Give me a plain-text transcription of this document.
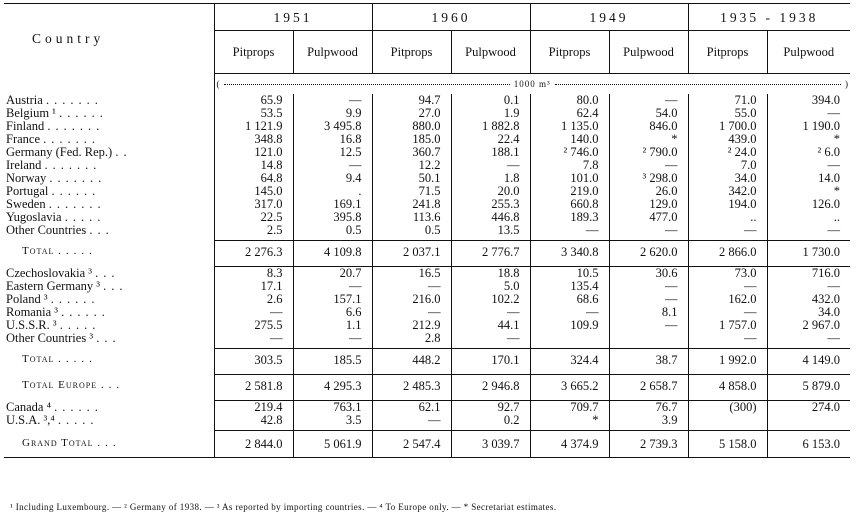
Country	1951		1960		1949		1935 - 1938	
	Pitprops	Pulpwood	Pitprops	Pulpwood	Pitprops	Pulpwood	Pitprops	Pulpwood

	( 1000 m³ )							

Austria .......	65.9	—	94.7	0.1	80.0	—	71.0	394.0
Belgium ¹ ......	53.5	9.9	27.0	1.9	62.4	54.0	55.0	—
Finland .......	1 121.9	3 495.8	880.0	1 882.8	1 135.0	846.0	1 700.0	1 190.0
France .......	348.8	16.8	185.0	22.4	140.0	*	439.0	*
Germany (Fed. Rep.) ..	121.0	12.5	360.7	188.1	² 746.0	² 790.0	² 24.0	² 6.0
Ireland .......	14.8	—	12.2	—	7.8	—	7.0	—
Norway .......	64.8	9.4	50.1	1.8	101.0	³ 298.0	34.0	14.0
Portugal ......	145.0	.	71.5	20.0	219.0	26.0	342.0	*
Sweden .......	317.0	169.1	241.8	255.3	660.8	129.0	194.0	126.0
Yugoslavia .....	22.5	395.8	113.6	446.8	189.3	477.0	..	..
Other Countries ...	2.5	0.5	0.5	13.5	—	—	—	—

Total .....	2 276.3	4 109.8	2 037.1	2 776.7	3 340.8	2 620.0	2 866.0	1 730.0

Czechoslovakia ³ ...	8.3	20.7	16.5	18.8	10.5	30.6	73.0	716.0
Eastern Germany ³ ...	17.1	—	—	5.0	135.4	—	—	—
Poland ³ ......	2.6	157.1	216.0	102.2	68.6	—	162.0	432.0
Romania ³ ......	—	6.6	—	—	—	8.1	—	34.0
U.S.S.R. ³ .....	275.5	1.1	212.9	44.1	109.9	—	1 757.0	2 967.0
Other Countries ³ ...	—	—	2.8	—			—	—

Total .....	303.5	185.5	448.2	170.1	324.4	38.7	1 992.0	4 149.0

Total Europe ...	2 581.8	4 295.3	2 485.3	2 946.8	3 665.2	2 658.7	4 858.0	5 879.0

Canada ⁴ ......	219.4	763.1	62.1	92.7	709.7	76.7	(300)	274.0
U.S.A. ³,⁴ .....	42.8	3.5	—	0.2	*	3.9		

Grand Total ...	2 844.0	5 061.9	2 547.4	3 039.7	4 374.9	2 739.3	5 158.0	6 153.0
¹ Including Luxembourg. — ² Germany of 1938. — ³ As reported by importing countries. — ⁴ To Europe only. — * Secretariat estimates.
